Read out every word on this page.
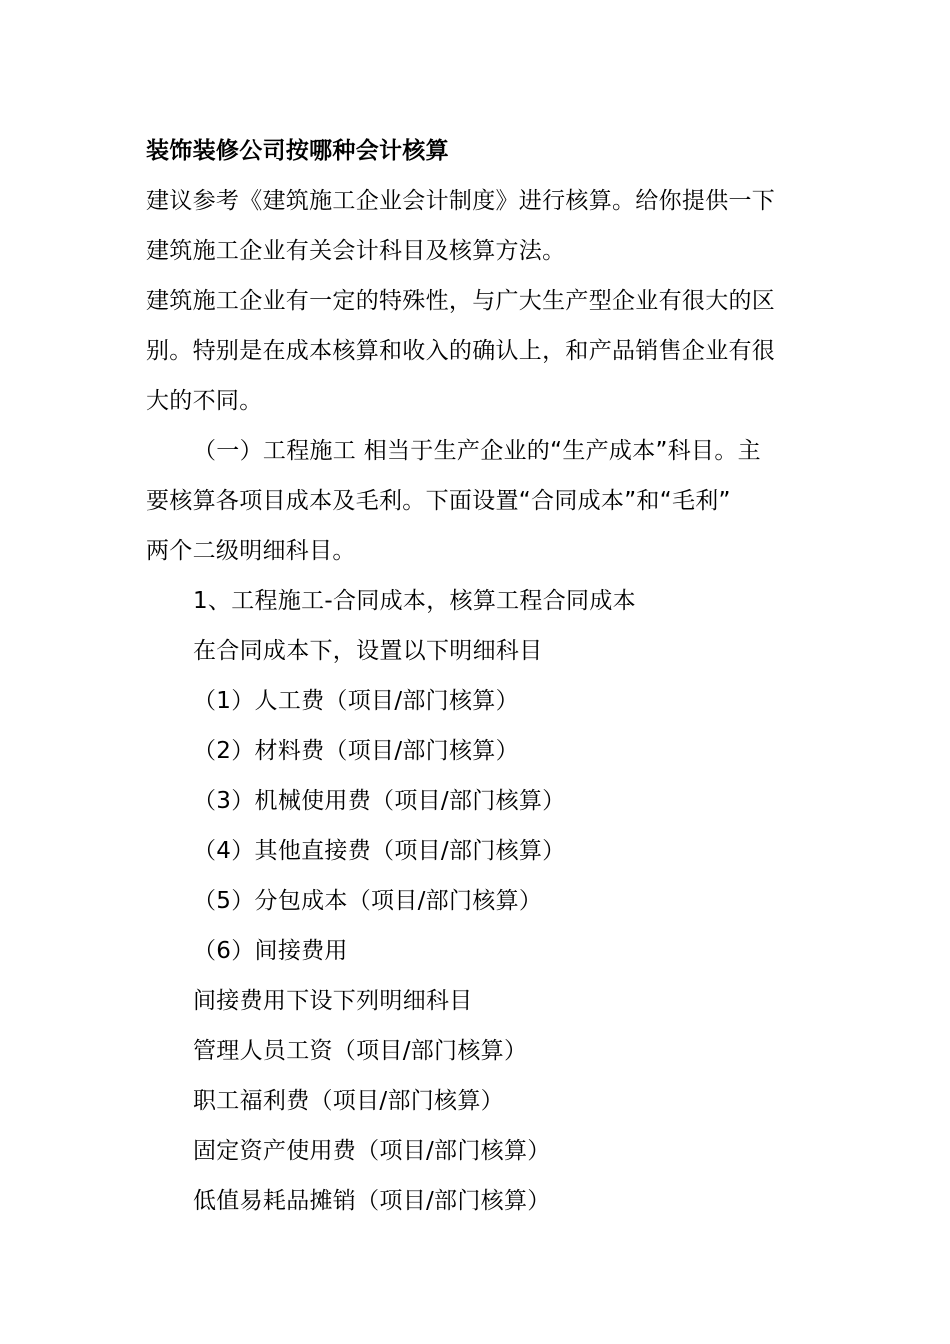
装饰装修公司按哪种会计核算
建议参考《建筑施工企业会计制度》进行核算。给你提供一下
建筑施工企业有关会计科目及核算方法。
建筑施工企业有一定的特殊性，与广大生产型企业有很大的区
别。特别是在成本核算和收入的确认上，和产品销售企业有很
大的不同。
（一）工程施工 相当于生产企业的“生产成本”科目。主
要核算各项目成本及毛利。下面设置“合同成本”和“毛利”
两个二级明细科目。
1、工程施工-合同成本，核算工程合同成本
在合同成本下，设置以下明细科目
（1）人工费（项目/部门核算）
（2）材料费（项目/部门核算）
（3）机械使用费（项目/部门核算）
（4）其他直接费（项目/部门核算）
（5）分包成本（项目/部门核算）
（6）间接费用
间接费用下设下列明细科目
管理人员工资（项目/部门核算）
职工福利费（项目/部门核算）
固定资产使用费（项目/部门核算）
低值易耗品摊销（项目/部门核算）
